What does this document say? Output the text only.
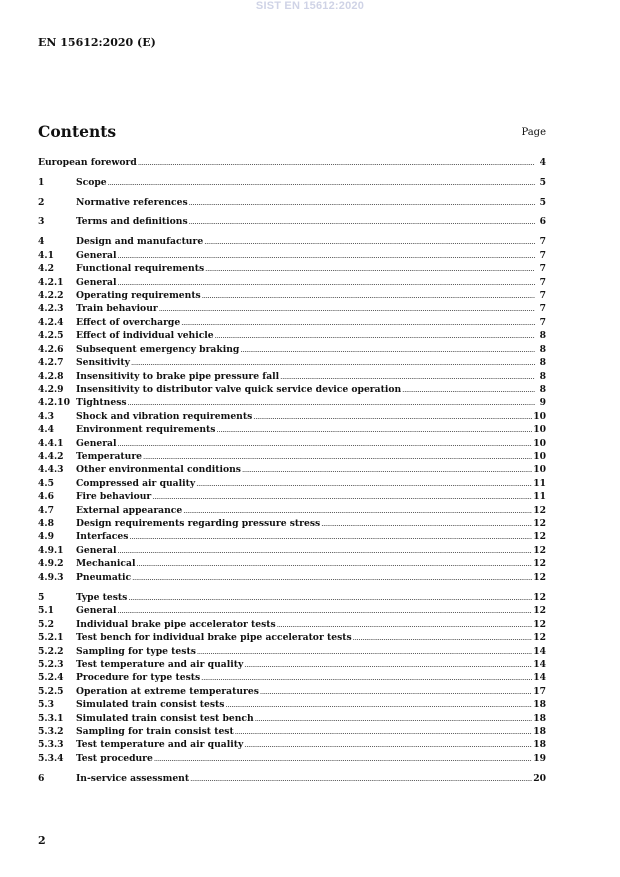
SIST EN 15612:2020
EN 15612:2020 (E)
Contents	Page
European foreword .....	4
1	Scope .....	5
2	Normative references .....	5
3	Terms and definitions .....	6
4	Design and manufacture .....	7
4.1	General .....	7
4.2	Functional requirements .....	7
4.2.1	General .....	7
4.2.2	Operating requirements .....	7
4.2.3	Train behaviour .....	7
4.2.4	Effect of overcharge .....	7
4.2.5	Effect of individual vehicle .....	8
4.2.6	Subsequent emergency braking .....	8
4.2.7	Sensitivity .....	8
4.2.8	Insensitivity to brake pipe pressure fall .....	8
4.2.9	Insensitivity to distributor valve quick service device operation .....	8
4.2.10 Tightness .....	9
4.3	Shock and vibration requirements .....	10
4.4	Environment requirements .....	10
4.4.1	General .....	10
4.4.2	Temperature .....	10
4.4.3	Other environmental conditions .....	10
4.5	Compressed air quality .....	11
4.6	Fire behaviour .....	11
4.7	External appearance .....	12
4.8	Design requirements regarding pressure stress .....	12
4.9	Interfaces .....	12
4.9.1	General .....	12
4.9.2	Mechanical .....	12
4.9.3	Pneumatic .....	12
5	Type tests .....	12
5.1	General .....	12
5.2	Individual brake pipe accelerator tests .....	12
5.2.1	Test bench for individual brake pipe accelerator tests .....	12
5.2.2	Sampling for type tests .....	14
5.2.3	Test temperature and air quality .....	14
5.2.4	Procedure for type tests .....	14
5.2.5	Operation at extreme temperatures .....	17
5.3	Simulated train consist tests .....	18
5.3.1	Simulated train consist test bench .....	18
5.3.2	Sampling for train consist test .....	18
5.3.3	Test temperature and air quality .....	18
5.3.4	Test procedure .....	19
6	In-service assessment .....	20
2
